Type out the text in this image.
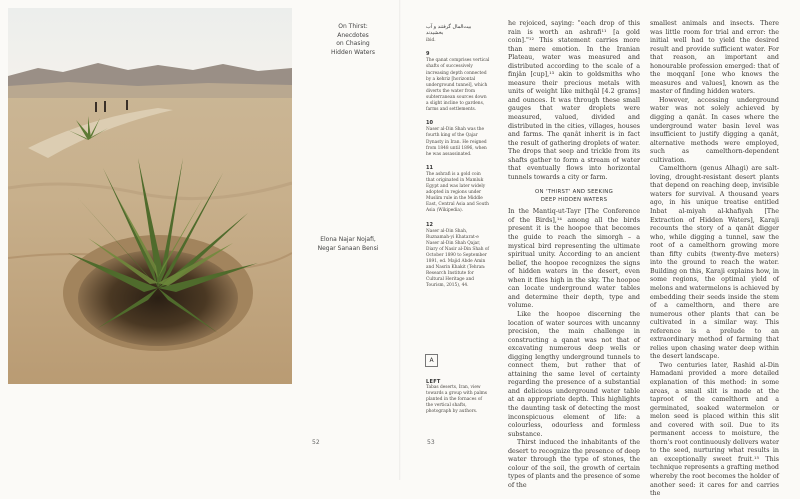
On Thirst:
Anecdotes
on Chasing
Hidden Waters
Elona Najar Nojafi,
Negar Sanaan Bensi
52	53
بیت‌المال گرفتند و آب بخشیدند
ibid.
9
The qanat comprises vertical shafts of successively increasing depth connected by a kehriz [horizontal underground tunnel], which diverts the water from subterranean sources down a slight incline to gardens, farms and settlements.
10
Naser al-Din Shah was the fourth king of the Qajar Dynasty in Iran. He reigned from 1848 until 1896, when he was assassinated.
11
The ashrafi is a gold coin that originated in Mamluk Egypt and was later widely adopted in regions under Muslim rule in the Middle East, Central Asia and South Asia (Wikipedia).
12
Naser al-Din Shah, Ruznamah-yi Khatarat-e Naser al-Din Shah Qajar, Diary of Nasir al-Din Shah of October 1890 to September 1891, ed. Majid Abde Amin and Nasrin Khakit (Tehran: Research Institute for Cultural Heritage and Tourism, 2015), 44.
A
LEFT
Tabas deserts, Iran, view towards a group with palms planted in the fornaces of the vertical shafts, photograph by authors.

he rejoiced, saying: "each drop of this rain is worth an ashrafi¹¹ [a gold coin]."¹² This statement carries more than mere emotion. In the Iranian Plateau, water was measured and distributed according to the scale of a finjân [cup],¹³ akin to goldsmiths who measure their precious metals with units of weight like mithqâl [4.2 grams] and ounces. It was through these small gauges that water droplets were measured, valued, divided and distributed in the cities, villages, houses and farms. The qanât inherit is in fact the result of gathering droplets of water. The drops that seep and trickle from its shafts gather to form a stream of water that eventually flows into horizontal tunnels towards a city or farm.

ON 'THIRST' AND SEEKING
DEEP HIDDEN WATERS

In the Mantiq-ut-Tayr [The Conference of the Birds],¹⁴ among all the birds present it is the hoopoe that becomes the guide to reach the simorgh – a mystical bird representing the ultimate spiritual unity. According to an ancient belief, the hoopoe recognizes the signs of hidden waters in the desert, even when it flies high in the sky. The hoopoe can locate underground water tables and determine their depth, type and volume.

Like the hoopoe discerning the location of water sources with uncanny precision, the main challenge in constructing a qanat was not that of excavating numerous deep wells or digging lengthy underground tunnels to connect them, but rather that of attaining the same level of certainty regarding the presence of a substantial and delicious underground water table at an appropriate depth. This highlights the daunting task of detecting the most inconspicuous element of life: a colourless, odourless and formless substance.

Thirst induced the inhabitants of the desert to recognize the presence of deep water through the type of stones, the colour of the soil, the growth of certain types of plants and the presence of some of the

smallest animals and insects. There was little room for trial and error: the initial well had to yield the desired result and provide sufficient water. For that reason, an important and honourable profession emerged: that of the moqqanî [one who knows the measures and values], known as the master of finding hidden waters.

However, accessing underground water was not solely achieved by digging a qanât. In cases where the underground water basin level was insufficient to justify digging a qanât, alternative methods were employed, such as camelthorn-dependent cultivation.

Camelthorn (genus Alhagi) are salt-loving, drought-resistant desert plants that depend on reaching deep, invisible waters for survival. A thousand years ago, in his unique treatise entitled Inbat al-miyah al-khafiyah [The Extraction of Hidden Waters], Karaji recounts the story of a qanât digger who, while digging a tunnel, saw the root of a camelthorn growing more than fifty cubits (twenty-five meters) into the ground to reach the water. Building on this, Karaji explains how, in some regions, the optimal yield of melons and watermelons is achieved by embedding their seeds inside the stem of a camelthorn, and there are numerous other plants that can be cultivated in a similar way. This reference is a prelude to an extraordinary method of farming that relies upon chasing water deep within the desert landscape.

Two centuries later, Rashid al-Din Hamadani provided a more detailed explanation of this method: in some areas, a small slit is made at the taproot of the camelthorn and a germinated, soaked watermelon or melon seed is placed within this slit and covered with soil. Due to its permanent access to moisture, the thorn's root continuously delivers water to the seed, nurturing what results in an exceptionally sweet fruit.¹⁵ This technique represents a grafting method whereby the root becomes the holder of another seed: it cares for and carries the
